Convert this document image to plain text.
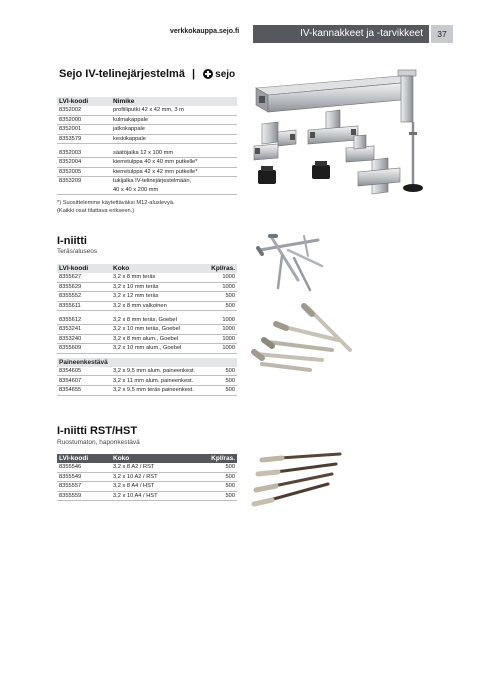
verkkokauppa.sejo.fi	IV-kannakkeet ja -tarvikkeet	37
Sejo IV-telinejärjestelmä | sejo
LVI-koodi	Nimike
8352002	profiiliputki 42 x 42 mm, 3 m
8352000	kulmakappale
8352001	jatkokappale
8353579	keskikappale

8352003	säätöjalka 12 x 100 mm
8352004	kierretulppa 40 x 40 mm putkelle*
8352005	kierretulppa 42 x 42 mm putkelle*
8353209	tukijalka IV-telinejärjestelmään,
	40 x 40 x 200 mm
*) Suosittelemme käytettäväksi M12-aluslevyä.
(Kaikki osat tilattava erikseen.)
I-niitti
Teräs/aluseos
LVI-koodi	Koko	Kpl/ras.
8355627	3,2 x 8 mm teräs	1000
8355629	3,2 x 10 mm teräs	1000
8355552	3,2 x 12 mm teräs	500
8355611	3,2 x 8 mm valkoinen	500

8355612	3,2 x 8 mm teräs, Goebel	1000
8353241	3,2 x 10 mm teräs, Goebel	1000
8353240	3,2 x 8 mm alum., Goebel	1000
8355609	3,2 x 10 mm alum., Goebel	1000

Paineenkestävä		
8354605	3,2 x 9,5 mm alum. paineenkest.	500
8354607	3,2 x 11 mm alum. paineenkest.	500
8354655	3,2 x 9,5 mm teräs paineenkest.	500
I-niitti RST/HST
Ruostumaton, haponkestävä
LVI-koodi	Koko	Kpl/ras.
8355546	3,2 x 8 A2 / RST	500
8355549	3,2 x 10 A2 / RST	500
8355557	3,2 x 8 A4 / HST	500
8355559	3,2 x 10 A4 / HST	500
